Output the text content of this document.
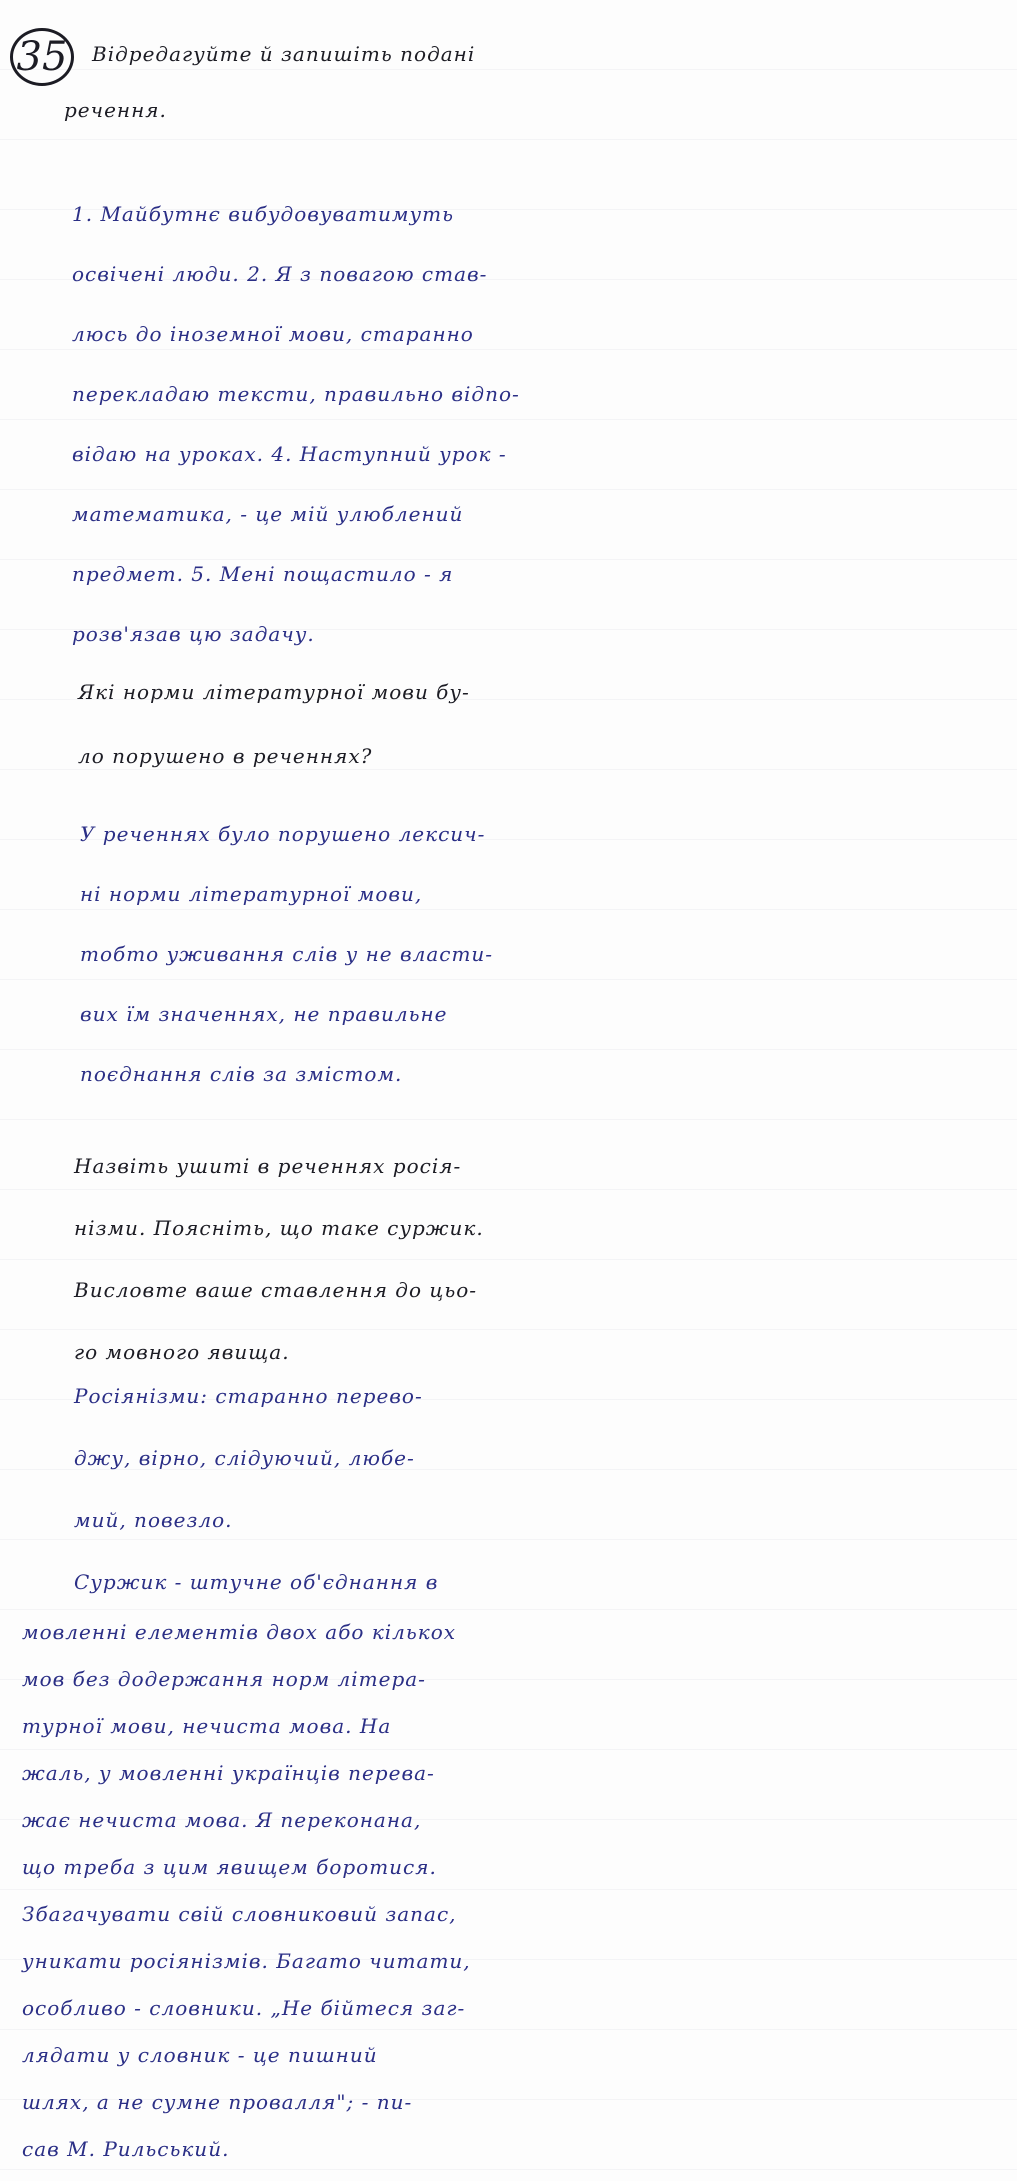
35	Відредагуйте й запишіть подані
речення.
1. Майбутнє вибудовуватимуть
освічені люди. 2. Я з повагою став-
люсь до іноземної мови, старанно
перекладаю тексти, правильно відпо-
відаю на уроках. 4. Наступний урок -
математика, - це мій улюблений
предмет. 5. Мені пощастило - я
розв'язав цю задачу.
Які норми літературної мови бу-
ло порушено в реченнях?
У реченнях було порушено лексич-
ні норми літературної мови,
тобто уживання слів у не власти-
вих їм значеннях, не правильне
поєднання слів за змістом.
Назвіть ушиті в реченнях росія-
нізми. Поясніть, що таке суржик.
Висловте ваше ставлення до цьо-
го мовного явища.
Росіянізми: старанно перево-
джу, вірно, слідуючий, любе-
мий, повезло.
Суржик - штучне об'єднання в
мовленні елементів двох або кількох
мов без додержання норм літера-
турної мови, нечиста мова. На
жаль, у мовленні українців перева-
жає нечиста мова. Я переконана,
що треба з цим явищем боротися.
Збагачувати свій словниковий запас,
уникати росіянізмів. Багато читати,
особливо - словники. „Не бійтеся заг-
лядати у словник - це пишний
шлях, а не сумне провалля"; - пи-
сав М. Рильський.
